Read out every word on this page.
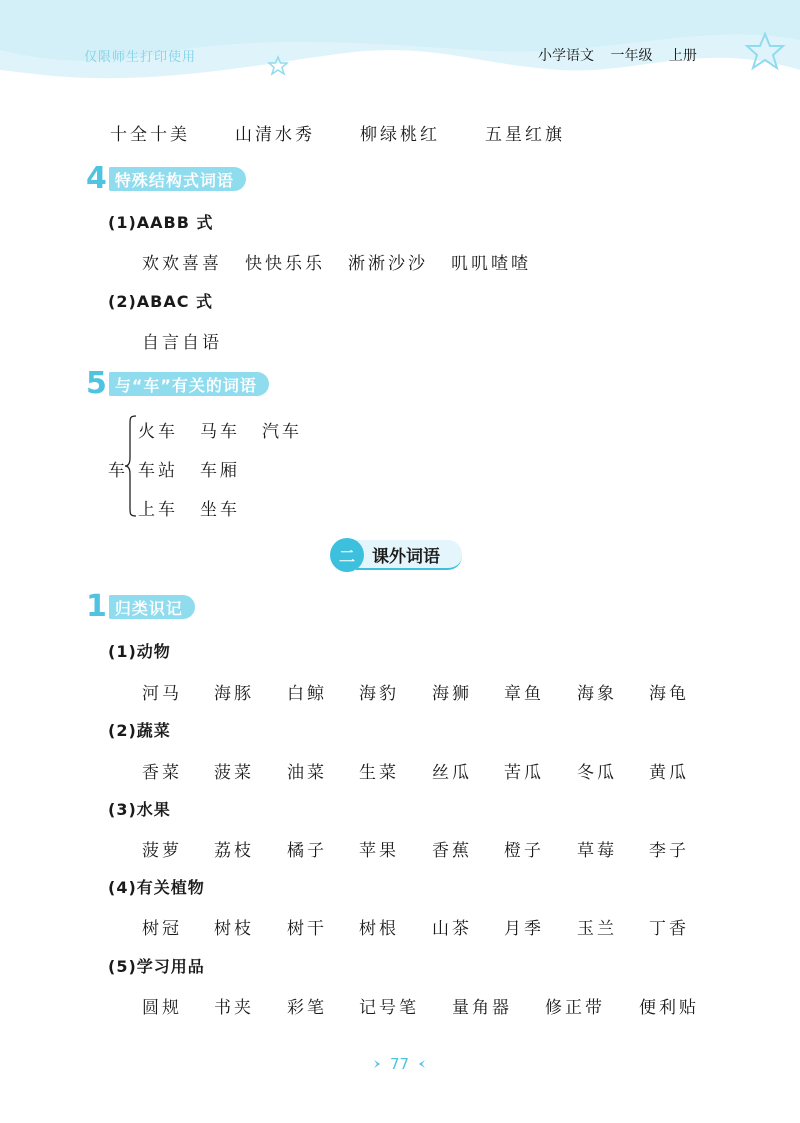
仅限师生打印使用	小学语文 一年级 上册
十全十美	山清水秀	柳绿桃红	五星红旗
4 特殊结构式词语
(1)AABB 式
欢欢喜喜 快快乐乐 淅淅沙沙 叽叽喳喳
(2)ABAC 式
自言自语
5 与“车”有关的词语
车
火车 马车 汽车
车站 车厢
上车 坐车
二	课外词语
1 归类识记
(1)动物
河马 海豚 白鲸 海豹 海狮 章鱼 海象 海龟
(2)蔬菜
香菜 菠菜 油菜 生菜 丝瓜 苦瓜 冬瓜 黄瓜
(3)水果
菠萝 荔枝 橘子 苹果 香蕉 橙子 草莓 李子
(4)有关植物
树冠 树枝 树干 树根 山茶 月季 玉兰 丁香
(5)学习用品
圆规 书夹 彩笔 记号笔 量角器 修正带 便利贴
77
